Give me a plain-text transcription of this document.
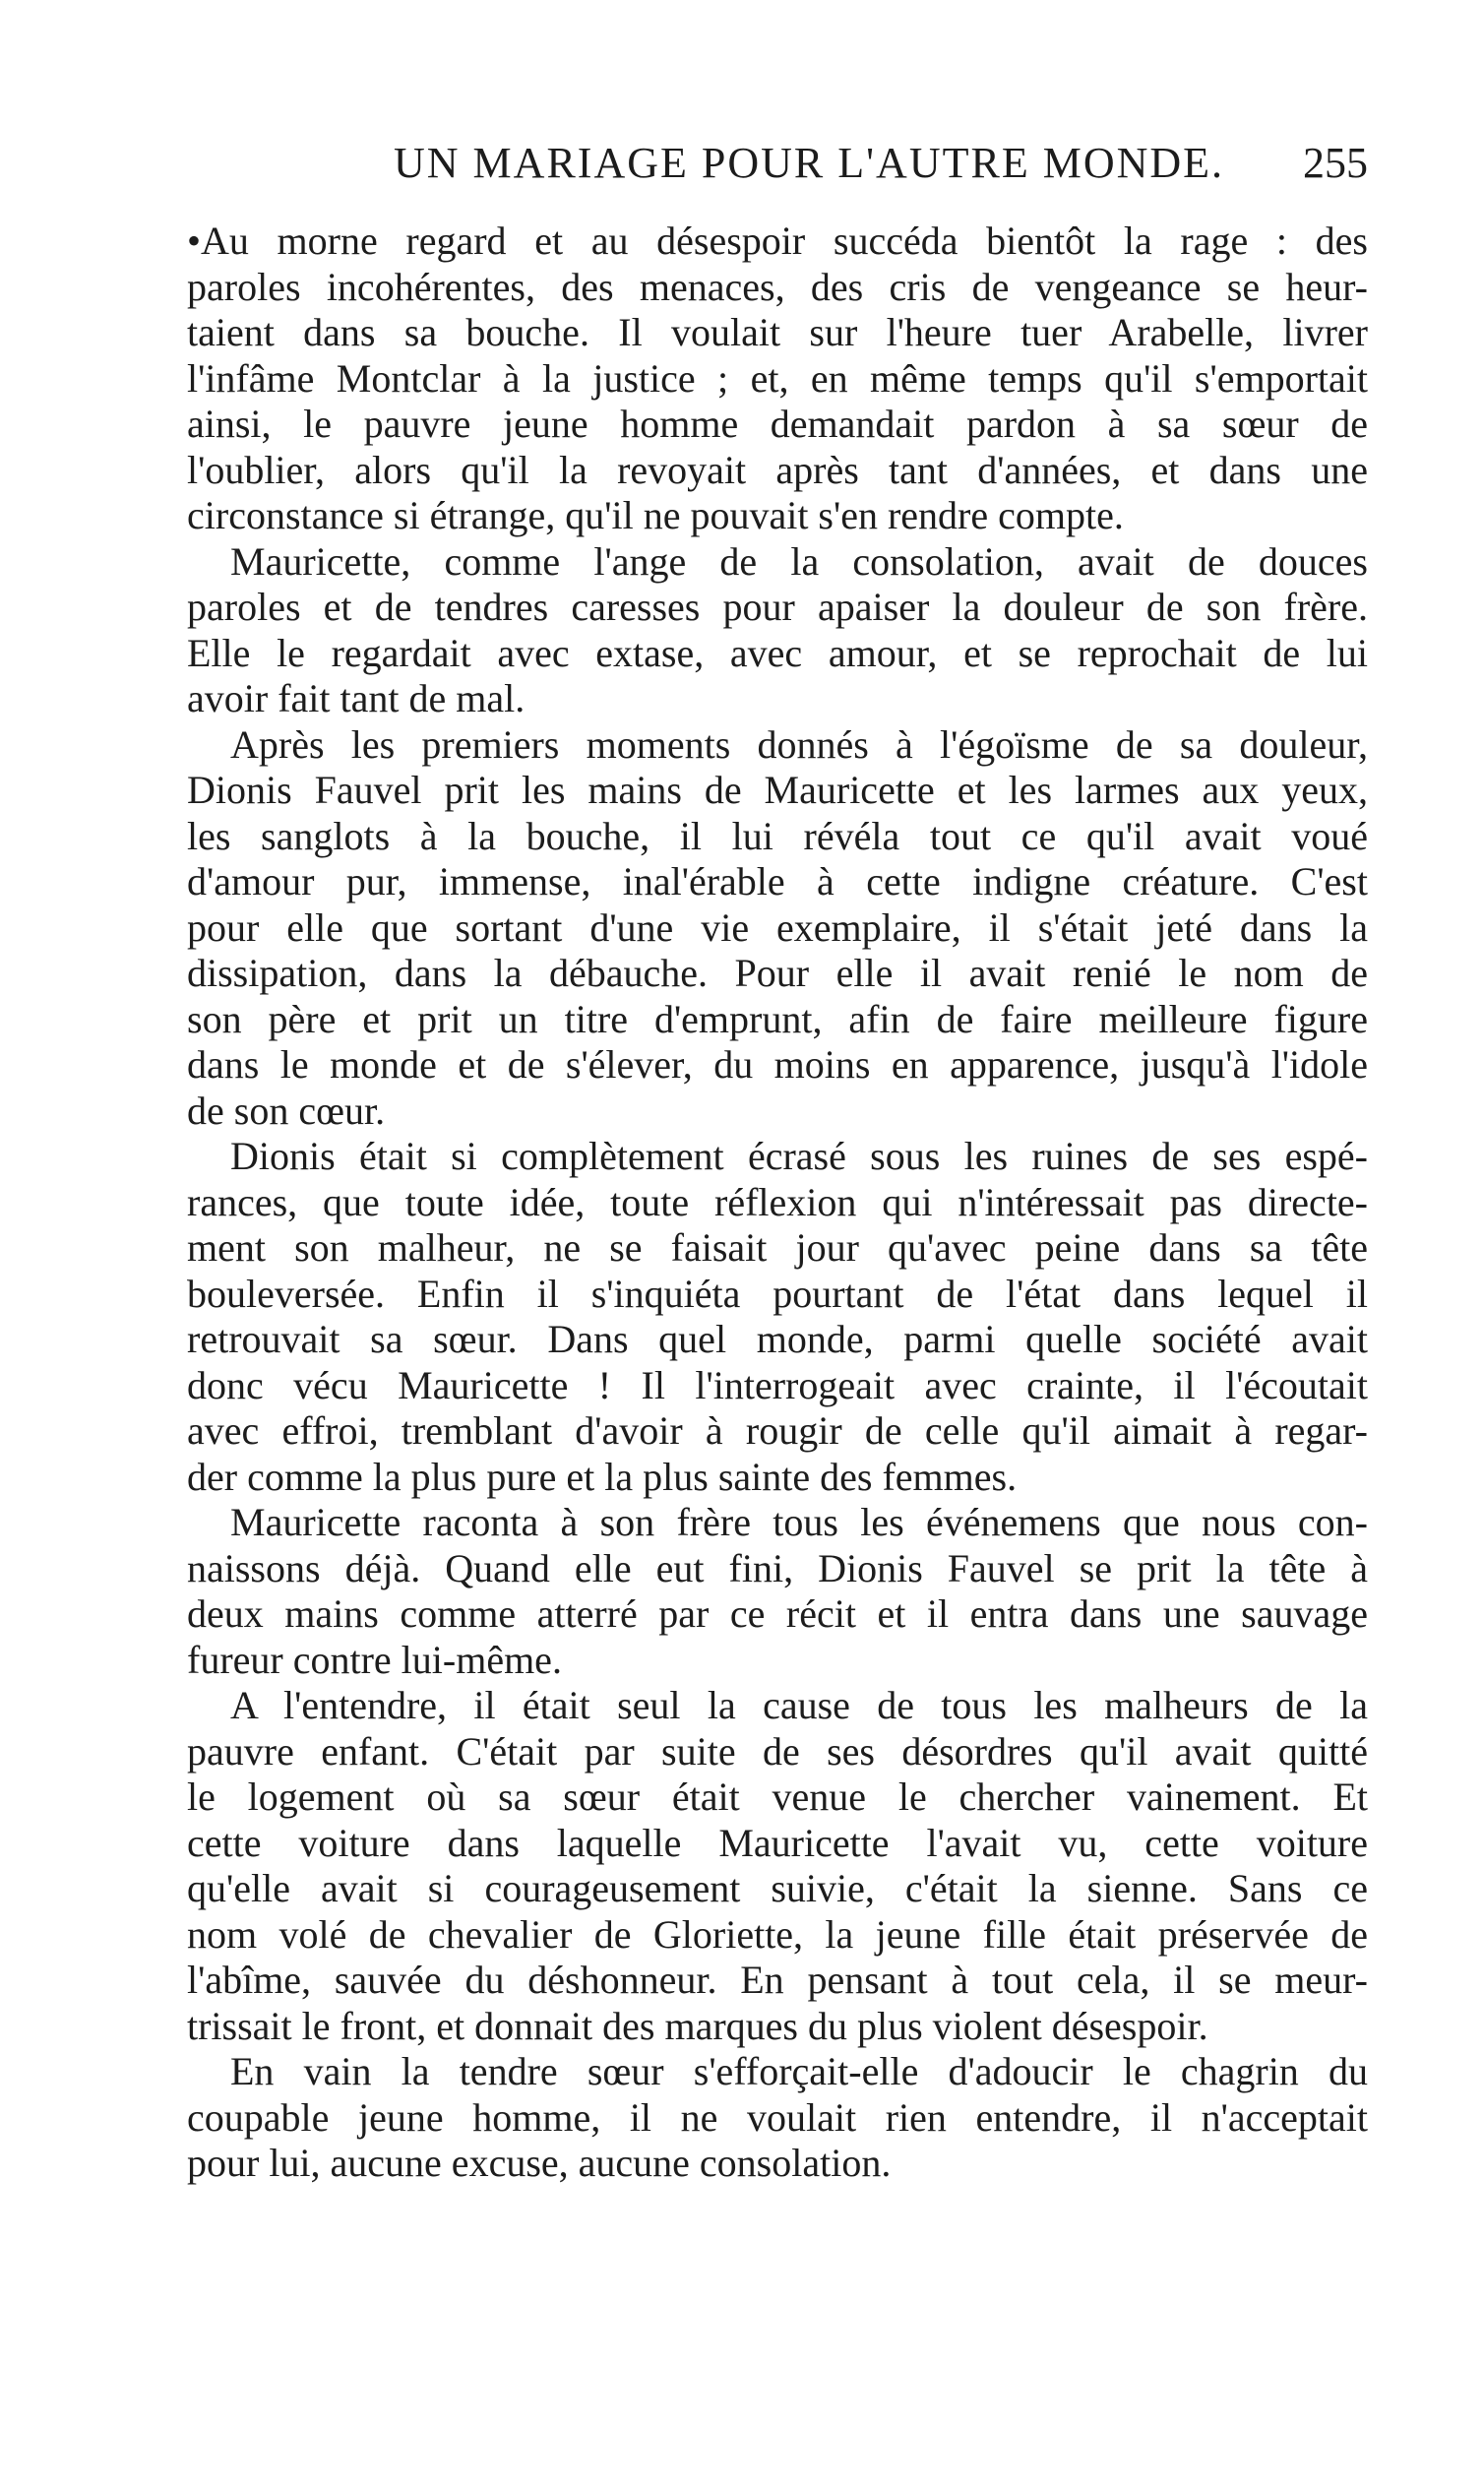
UN MARIAGE POUR L'AUTRE MONDE. 255
•Au morne regard et au désespoir succéda bientôt la rage : des
paroles incohérentes, des menaces, des cris de vengeance se heur-
taient dans sa bouche. Il voulait sur l'heure tuer Arabelle, livrer
l'infâme Montclar à la justice ; et, en même temps qu'il s'emportait
ainsi, le pauvre jeune homme demandait pardon à sa sœur de
l'oublier, alors qu'il la revoyait après tant d'années, et dans une
circonstance si étrange, qu'il ne pouvait s'en rendre compte.
Mauricette, comme l'ange de la consolation, avait de douces
paroles et de tendres caresses pour apaiser la douleur de son frère.
Elle le regardait avec extase, avec amour, et se reprochait de lui
avoir fait tant de mal.
Après les premiers moments donnés à l'égoïsme de sa douleur,
Dionis Fauvel prit les mains de Mauricette et les larmes aux yeux,
les sanglots à la bouche, il lui révéla tout ce qu'il avait voué
d'amour pur, immense, inal'érable à cette indigne créature. C'est
pour elle que sortant d'une vie exemplaire, il s'était jeté dans la
dissipation, dans la débauche. Pour elle il avait renié le nom de
son père et prit un titre d'emprunt, afin de faire meilleure figure
dans le monde et de s'élever, du moins en apparence, jusqu'à l'idole
de son cœur.
Dionis était si complètement écrasé sous les ruines de ses espé-
rances, que toute idée, toute réflexion qui n'intéressait pas directe-
ment son malheur, ne se faisait jour qu'avec peine dans sa tête
bouleversée. Enfin il s'inquiéta pourtant de l'état dans lequel il
retrouvait sa sœur. Dans quel monde, parmi quelle société avait
donc vécu Mauricette ! Il l'interrogeait avec crainte, il l'écoutait
avec effroi, tremblant d'avoir à rougir de celle qu'il aimait à regar-
der comme la plus pure et la plus sainte des femmes.
Mauricette raconta à son frère tous les événemens que nous con-
naissons déjà. Quand elle eut fini, Dionis Fauvel se prit la tête à
deux mains comme atterré par ce récit et il entra dans une sauvage
fureur contre lui-même.
A l'entendre, il était seul la cause de tous les malheurs de la
pauvre enfant. C'était par suite de ses désordres qu'il avait quitté
le logement où sa sœur était venue le chercher vainement. Et
cette voiture dans laquelle Mauricette l'avait vu, cette voiture
qu'elle avait si courageusement suivie, c'était la sienne. Sans ce
nom volé de chevalier de Gloriette, la jeune fille était préservée de
l'abîme, sauvée du déshonneur. En pensant à tout cela, il se meur-
trissait le front, et donnait des marques du plus violent désespoir.
En vain la tendre sœur s'efforçait-elle d'adoucir le chagrin du
coupable jeune homme, il ne voulait rien entendre, il n'acceptait
pour lui, aucune excuse, aucune consolation.
